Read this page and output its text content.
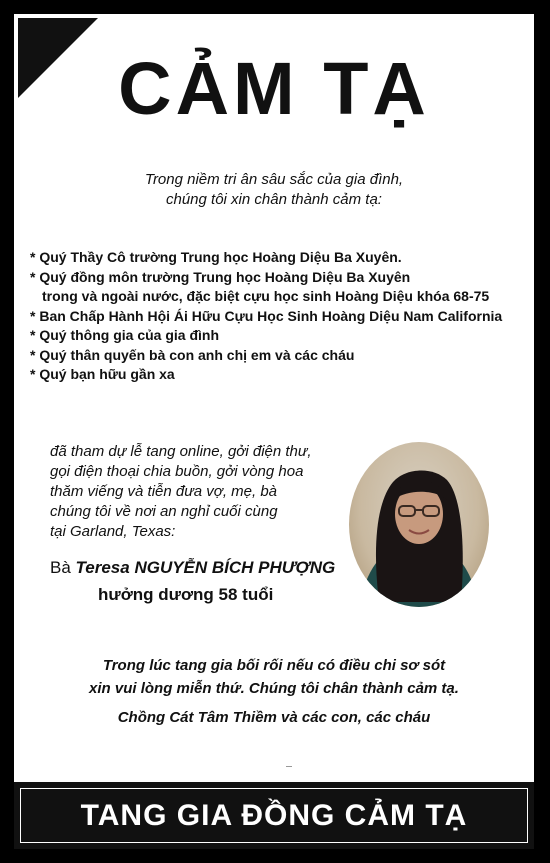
CẢM TẠ
Trong niềm tri ân sâu sắc của gia đình,
chúng tôi xin chân thành cảm tạ:
* Quý Thầy Cô trường Trung học Hoàng Diệu Ba Xuyên.
* Quý đồng môn trường Trung học Hoàng Diệu Ba Xuyên
trong và ngoài nước, đặc biệt cựu học sinh Hoàng Diệu khóa 68-75
* Ban Chấp Hành Hội Ái Hữu Cựu Học Sinh Hoàng Diệu Nam California
* Quý thông gia của gia đình
* Quý thân quyến bà con anh chị em và các cháu
* Quý bạn hữu gần xa
đã tham dự lễ tang online, gởi điện thư,
gọi điện thoại chia buồn, gởi vòng hoa
thăm viếng và tiễn đưa vợ, mẹ, bà
chúng tôi về nơi an nghỉ cuối cùng
tại Garland, Texas:
Bà Teresa NGUYỄN BÍCH PHƯỢNG
hưởng dương 58 tuổi
Trong lúc tang gia bối rối nếu có điều chi sơ sót
xin vui lòng miễn thứ. Chúng tôi chân thành cảm tạ.
Chồng Cát Tâm Thiềm và các con, các cháu
TANG GIA ĐỒNG CẢM TẠ
